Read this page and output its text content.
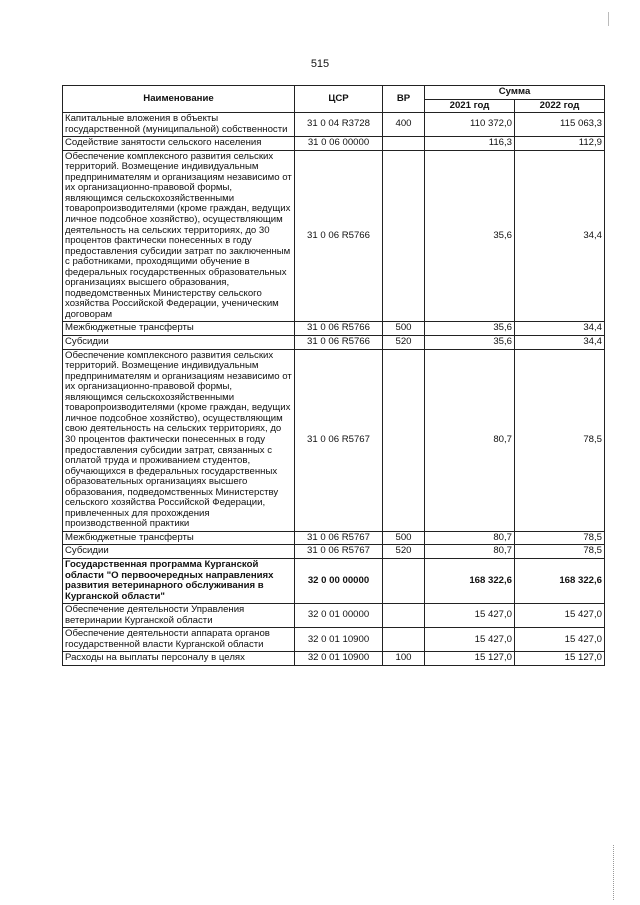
515
Наименование	ЦСР	ВР	Сумма	
			2021 год	2022 год
Капитальные вложения в объекты государственной (муниципальной) собственности	31 0 04 R3728	400	110 372,0	115 063,3
Содействие занятости сельского населения	31 0 06 00000		116,3	112,9
Обеспечение комплексного развития сельских территорий. Возмещение индивидуальным предпринимателям и организациям независимо от их организационно-правовой формы, являющимся сельскохозяйственными товаропроизводителями (кроме граждан, ведущих личное подсобное хозяйство), осуществляющим деятельность на сельских территориях, до 30 процентов фактически понесенных в году предоставления субсидии затрат по заключенным с работниками, проходящими обучение в федеральных государственных образовательных организациях высшего образования, подведомственных Министерству сельского хозяйства Российской Федерации, ученическим договорам	31 0 06 R5766		35,6	34,4
Межбюджетные трансферты	31 0 06 R5766	500	35,6	34,4
Субсидии	31 0 06 R5766	520	35,6	34,4
Обеспечение комплексного развития сельских территорий. Возмещение индивидуальным предпринимателям и организациям независимо от их организационно-правовой формы, являющимся сельскохозяйственными товаропроизводителями (кроме граждан, ведущих личное подсобное хозяйство), осуществляющим свою деятельность на сельских территориях, до 30 процентов фактически понесенных в году предоставления субсидии затрат, связанных с оплатой труда и проживанием студентов, обучающихся в федеральных государственных образовательных организациях высшего образования, подведомственных Министерству сельского хозяйства Российской Федерации, привлеченных для прохождения производственной практики	31 0 06 R5767		80,7	78,5
Межбюджетные трансферты	31 0 06 R5767	500	80,7	78,5
Субсидии	31 0 06 R5767	520	80,7	78,5
Государственная программа Курганской области "О первоочередных направлениях развития ветеринарного обслуживания в Курганской области"	32 0 00 00000		168 322,6	168 322,6
Обеспечение деятельности Управления ветеринарии Курганской области	32 0 01 00000		15 427,0	15 427,0
Обеспечение деятельности аппарата органов государственной власти Курганской области	32 0 01 10900		15 427,0	15 427,0
Расходы на выплаты персоналу в целях	32 0 01 10900	100	15 127,0	15 127,0
